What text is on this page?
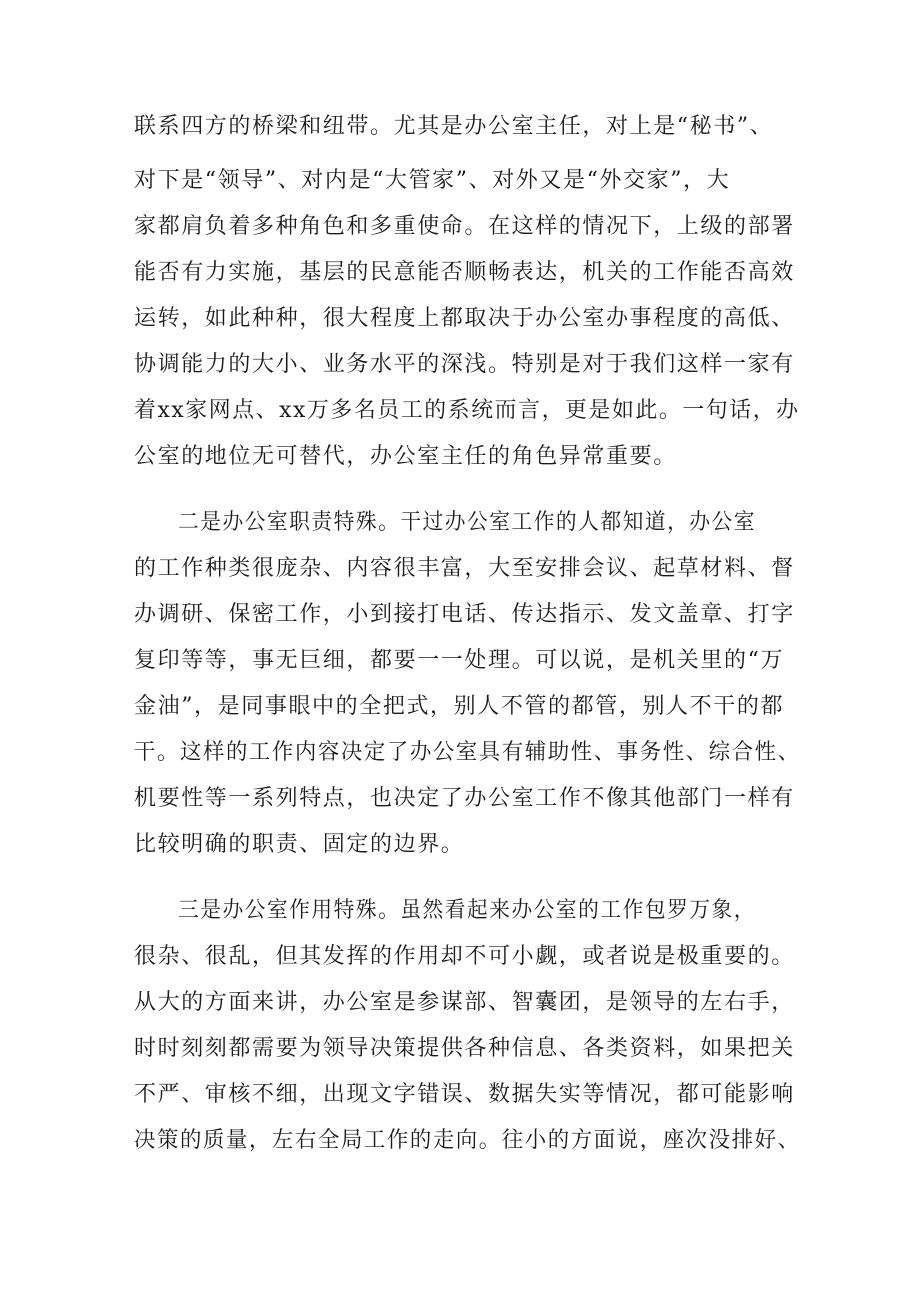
联系四方的桥梁和纽带。尤其是办公室主任，对上是“秘书”、
对下是“领导”、对内是“大管家”、对外又是“外交家”，大
家都肩负着多种角色和多重使命。在这样的情况下，上级的部署
能否有力实施，基层的民意能否顺畅表达，机关的工作能否高效
运转，如此种种，很大程度上都取决于办公室办事程度的高低、
协调能力的大小、业务水平的深浅。特别是对于我们这样一家有
着xx家网点、xx万多名员工的系统而言，更是如此。一句话，办
公室的地位无可替代，办公室主任的角色异常重要。
二是办公室职责特殊。干过办公室工作的人都知道，办公室
的工作种类很庞杂、内容很丰富，大至安排会议、起草材料、督
办调研、保密工作，小到接打电话、传达指示、发文盖章、打字
复印等等，事无巨细，都要一一处理。可以说，是机关里的“万
金油”，是同事眼中的全把式，别人不管的都管，别人不干的都
干。这样的工作内容决定了办公室具有辅助性、事务性、综合性、
机要性等一系列特点，也决定了办公室工作不像其他部门一样有
比较明确的职责、固定的边界。
三是办公室作用特殊。虽然看起来办公室的工作包罗万象，
很杂、很乱，但其发挥的作用却不可小觑，或者说是极重要的。
从大的方面来讲，办公室是参谋部、智囊团，是领导的左右手，
时时刻刻都需要为领导决策提供各种信息、各类资料，如果把关
不严、审核不细，出现文字错误、数据失实等情况，都可能影响
决策的质量，左右全局工作的走向。往小的方面说，座次没排好、
